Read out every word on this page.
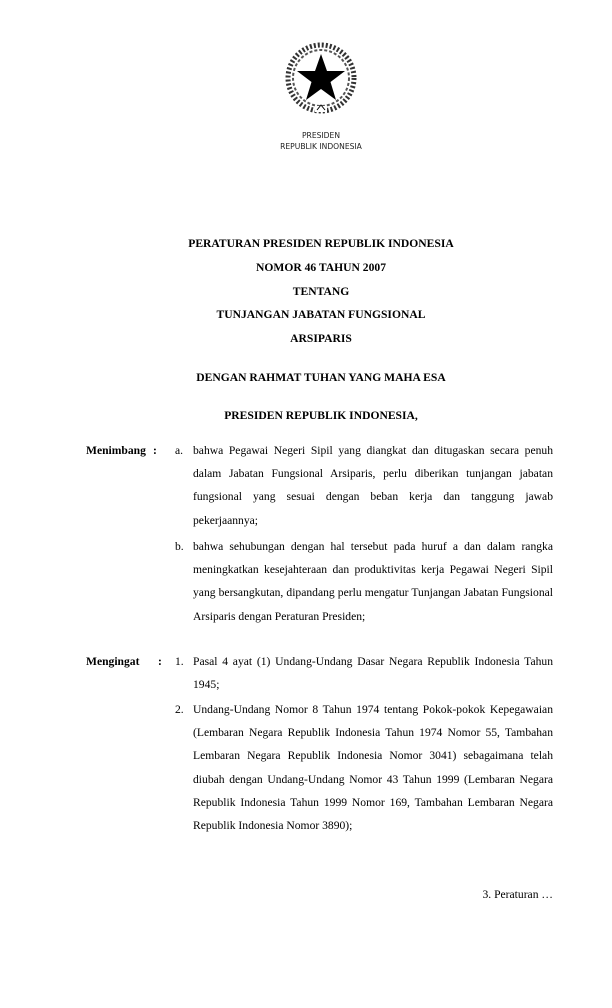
PRESIDEN
REPUBLIK INDONESIA
PERATURAN PRESIDEN REPUBLIK INDONESIA
NOMOR 46 TAHUN 2007
TENTANG
TUNJANGAN JABATAN FUNGSIONAL
ARSIPARIS
DENGAN RAHMAT TUHAN YANG MAHA ESA
PRESIDEN REPUBLIK INDONESIA,
Menimbang : a. bahwa Pegawai Negeri Sipil yang diangkat dan ditugaskan secara penuh dalam Jabatan Fungsional Arsiparis, perlu diberikan tunjangan jabatan fungsional yang sesuai dengan beban kerja dan tanggung jawab pekerjaannya;
b. bahwa sehubungan dengan hal tersebut pada huruf a dan dalam rangka meningkatkan kesejahteraan dan produktivitas kerja Pegawai Negeri Sipil yang bersangkutan, dipandang perlu mengatur Tunjangan Jabatan Fungsional Arsiparis dengan Peraturan Presiden;
Mengingat : 1. Pasal 4 ayat (1) Undang-Undang Dasar Negara Republik Indonesia Tahun 1945;
2. Undang-Undang Nomor 8 Tahun 1974 tentang Pokok-pokok Kepegawaian (Lembaran Negara Republik Indonesia Tahun 1974 Nomor 55, Tambahan Lembaran Negara Republik Indonesia Nomor 3041) sebagaimana telah diubah dengan Undang-Undang Nomor 43 Tahun 1999 (Lembaran Negara Republik Indonesia Tahun 1999 Nomor 169, Tambahan Lembaran Negara Republik Indonesia Nomor 3890);
3. Peraturan …
